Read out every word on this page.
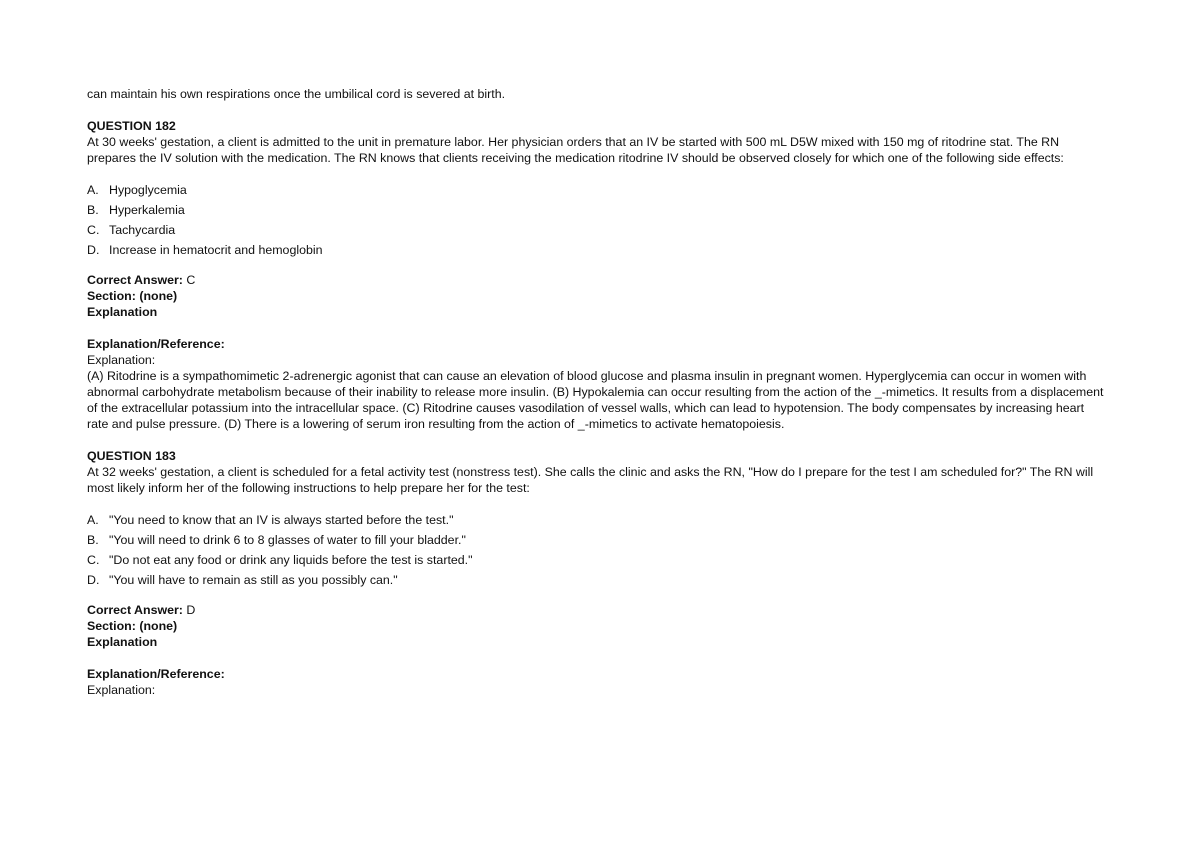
can maintain his own respirations once the umbilical cord is severed at birth.

QUESTION 182

At 30 weeks' gestation, a client is admitted to the unit in premature labor. Her physician orders that an IV be started with 500 mL D5W mixed with 150 mg of ritodrine stat. The RN prepares the IV solution with the medication. The RN knows that clients receiving the medication ritodrine IV should be observed closely for which one of the following side effects:

A. Hypoglycemia
B. Hyperkalemia
C. Tachycardia
D. Increase in hematocrit and hemoglobin

Correct Answer: C

Section: (none)

Explanation

Explanation/Reference:

Explanation:

(A) Ritodrine is a sympathomimetic 2-adrenergic agonist that can cause an elevation of blood glucose and plasma insulin in pregnant women. Hyperglycemia can occur in women with abnormal carbohydrate metabolism because of their inability to release more insulin. (B) Hypokalemia can occur resulting from the action of the _-mimetics. It results from a displacement of the extracellular potassium into the intracellular space. (C) Ritodrine causes vasodilation of vessel walls, which can lead to hypotension. The body compensates by increasing heart rate and pulse pressure. (D) There is a lowering of serum iron resulting from the action of _-mimetics to activate hematopoiesis.

QUESTION 183

At 32 weeks' gestation, a client is scheduled for a fetal activity test (nonstress test). She calls the clinic and asks the RN, "How do I prepare for the test I am scheduled for?" The RN will most likely inform her of the following instructions to help prepare her for the test:

A. "You need to know that an IV is always started before the test."
B. "You will need to drink 6 to 8 glasses of water to fill your bladder."
C. "Do not eat any food or drink any liquids before the test is started."
D. "You will have to remain as still as you possibly can."

Correct Answer: D

Section: (none)

Explanation

Explanation/Reference:

Explanation:
